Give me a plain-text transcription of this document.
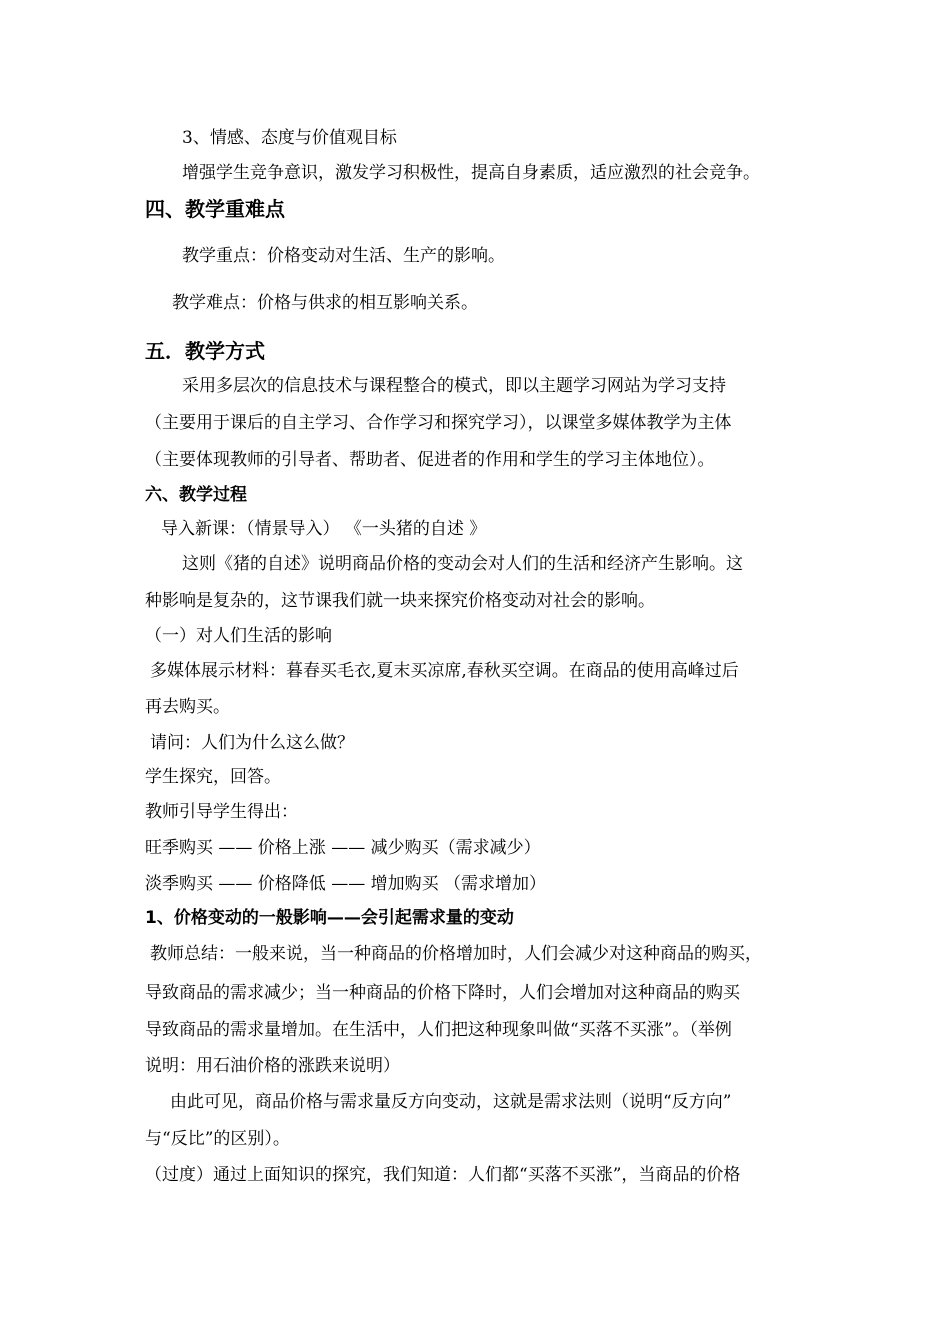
3、情感、态度与价值观目标
增强学生竞争意识，激发学习积极性，提高自身素质，适应激烈的社会竞争。
四、教学重难点
教学重点：价格变动对生活、生产的影响。
教学难点：价格与供求的相互影响关系。
五．教学方式
采用多层次的信息技术与课程整合的模式，即以主题学习网站为学习支持
（主要用于课后的自主学习、合作学习和探究学习），以课堂多媒体教学为主体
（主要体现教师的引导者、帮助者、促进者的作用和学生的学习主体地位）。
六、教学过程
导入新课：（情景导入） 《一头猪的自述 》
这则《猪的自述》说明商品价格的变动会对人们的生活和经济产生影响。这
种影响是复杂的，这节课我们就一块来探究价格变动对社会的影响。
（一）对人们生活的影响
多媒体展示材料：暮春买毛衣,夏末买凉席,春秋买空调。在商品的使用高峰过后
再去购买。
请问：人们为什么这么做？
学生探究，回答。
教师引导学生得出：
旺季购买 —— 价格上涨 —— 减少购买（需求减少）
淡季购买 —— 价格降低 —— 增加购买 （需求增加）
1、价格变动的一般影响——会引起需求量的变动
教师总结：一般来说，当一种商品的价格增加时，人们会减少对这种商品的购买，
导致商品的需求减少；当一种商品的价格下降时，人们会增加对这种商品的购买
导致商品的需求量增加。在生活中，人们把这种现象叫做“买落不买涨”。（举例
说明：用石油价格的涨跌来说明）
由此可见，商品价格与需求量反方向变动，这就是需求法则（说明“反方向”
与“反比”的区别）。
（过度）通过上面知识的探究，我们知道：人们都“买落不买涨”，当商品的价格
